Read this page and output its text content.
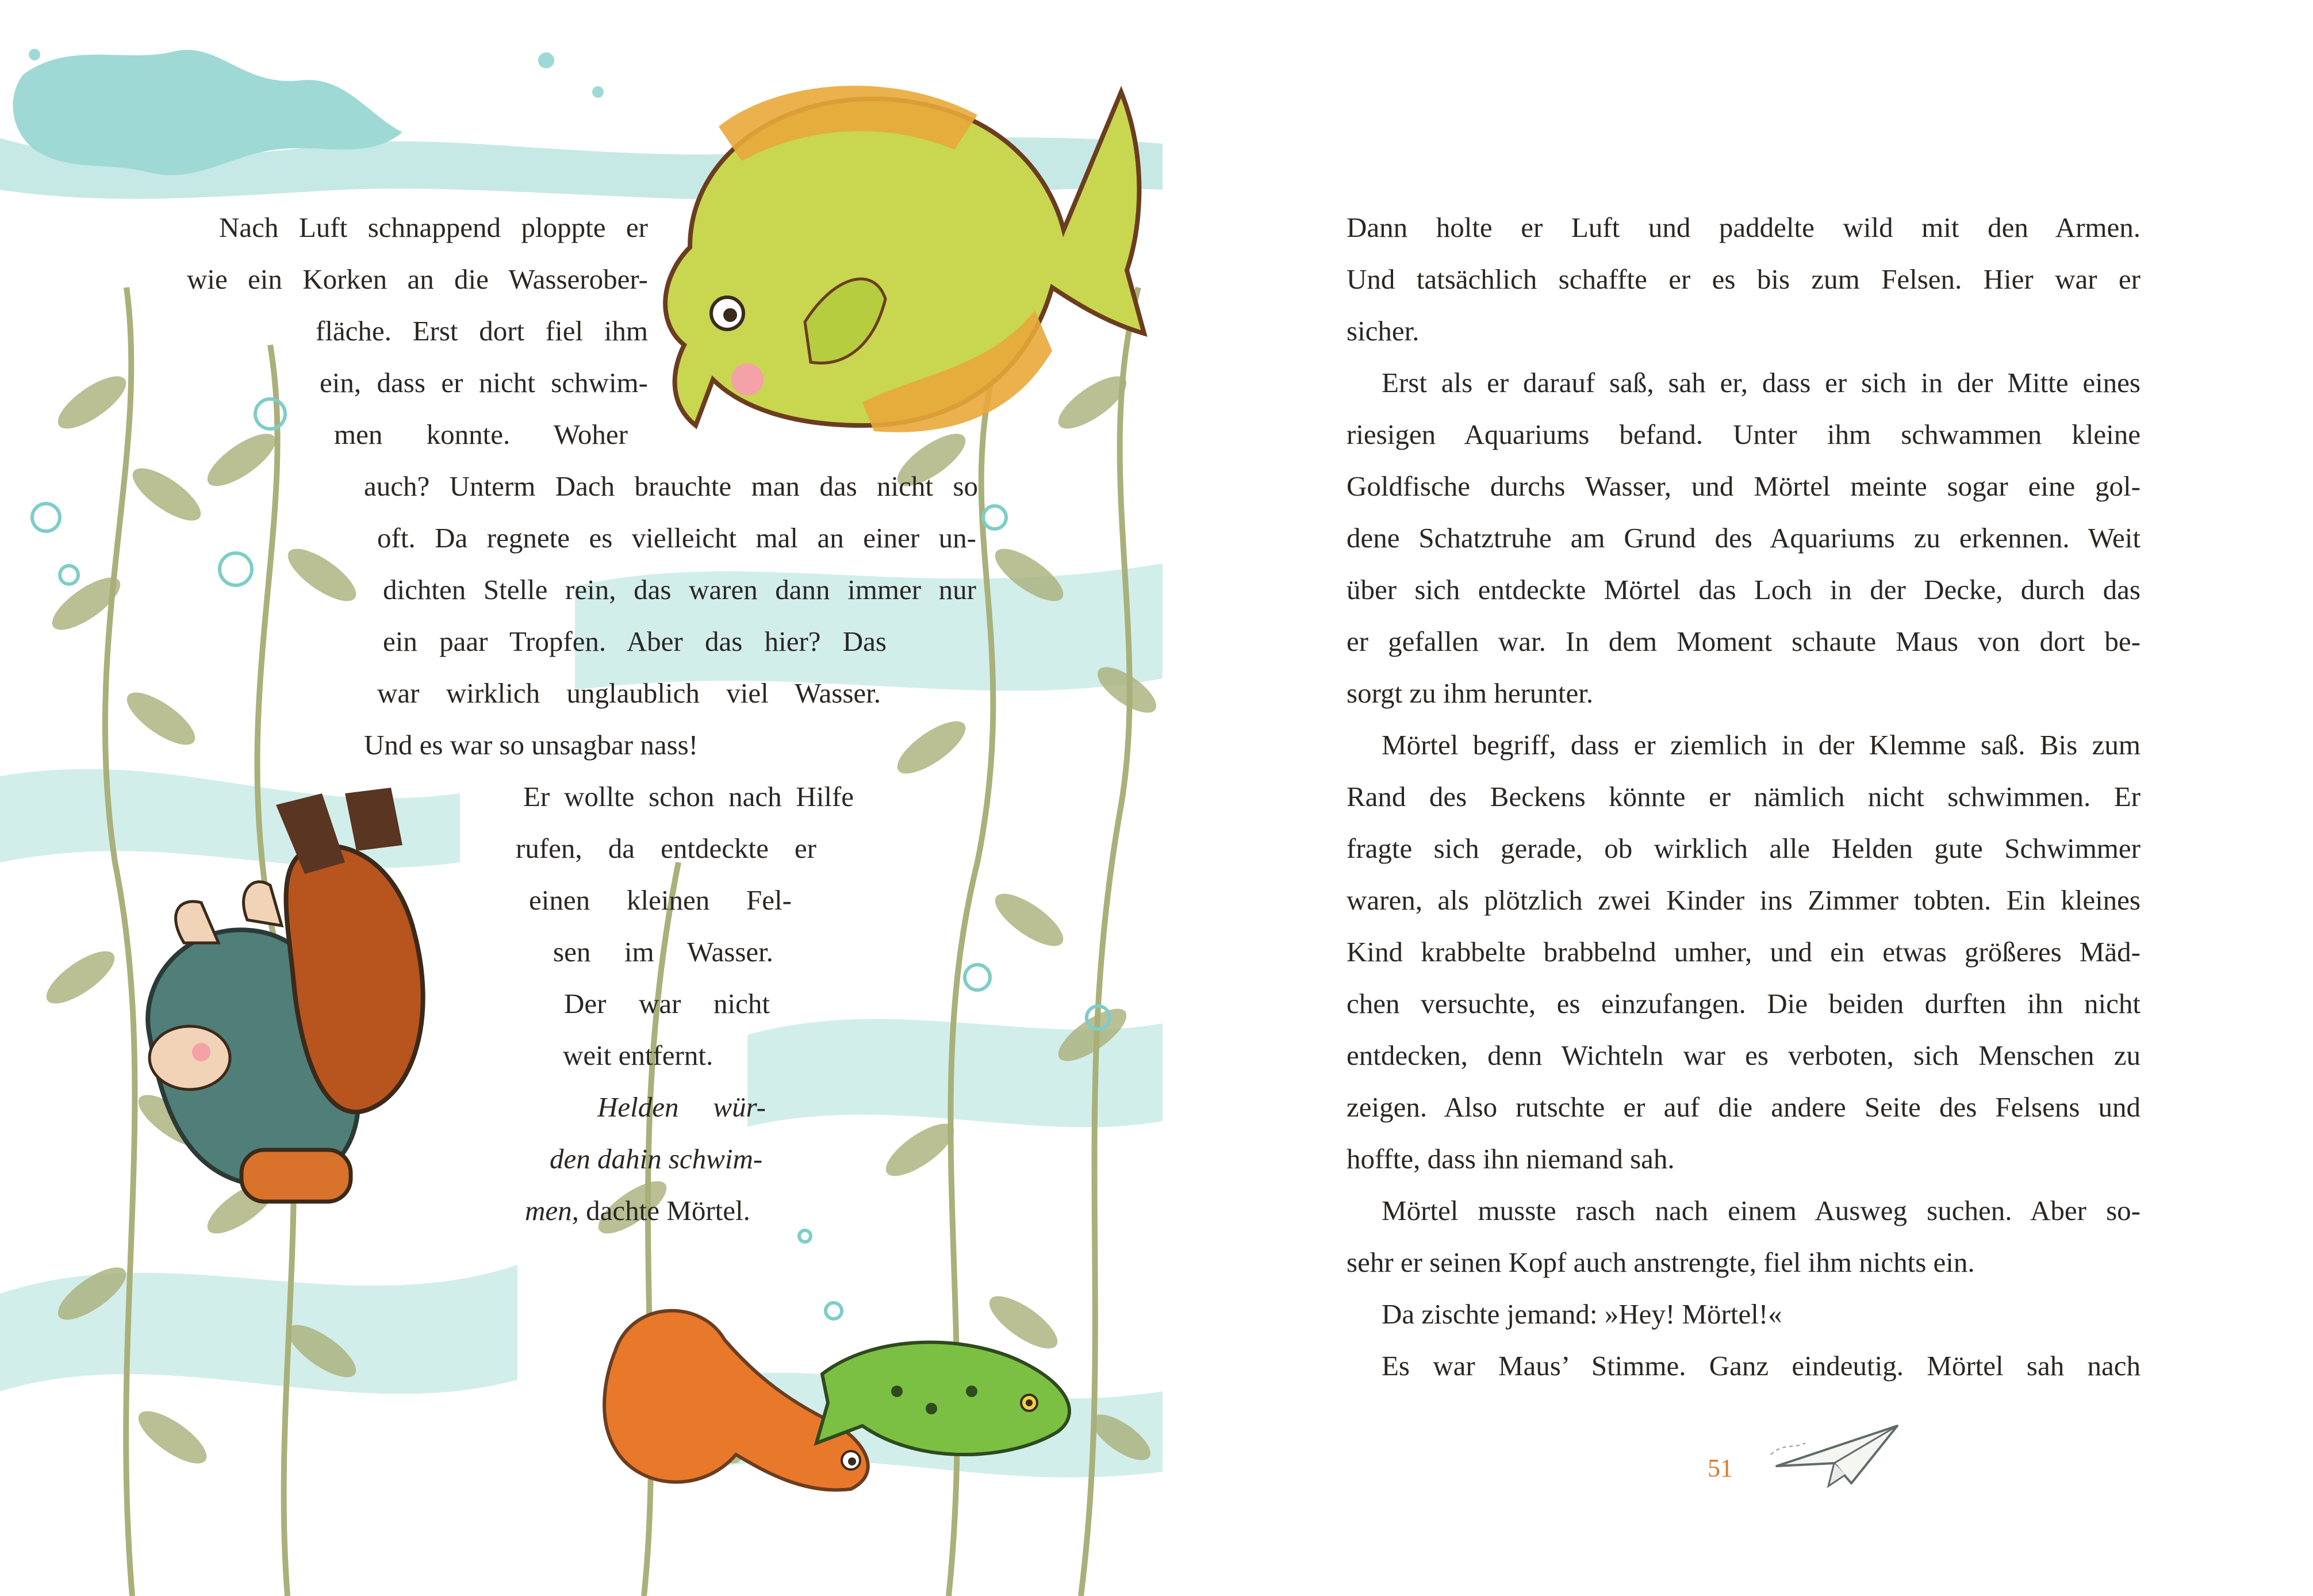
Nach Luft schnappend ploppte er
wie ein Korken an die Wasserober-
fläche. Erst dort fiel ihm
ein, dass er nicht schwim-
men konnte. Woher
auch? Unterm Dach brauchte man das nicht so
oft. Da regnete es vielleicht mal an einer un-
dichten Stelle rein, das waren dann immer nur
ein paar Tropfen. Aber das hier? Das
war wirklich unglaublich viel Wasser.
Und es war so unsagbar nass!
Er wollte schon nach Hilfe
rufen, da entdeckte er
einen kleinen Fel-
sen im Wasser.
Der war nicht
weit entfernt.
Helden wür-
den dahin schwim-
men, dachte Mörtel.
Dann holte er Luft und paddelte wild mit den Armen.
Und tatsächlich schaffte er es bis zum Felsen. Hier war er
sicher.
Erst als er darauf saß, sah er, dass er sich in der Mitte eines
riesigen Aquariums befand. Unter ihm schwammen kleine
Goldfische durchs Wasser, und Mörtel meinte sogar eine gol-
dene Schatztruhe am Grund des Aquariums zu erkennen. Weit
über sich entdeckte Mörtel das Loch in der Decke, durch das
er gefallen war. In dem Moment schaute Maus von dort be-
sorgt zu ihm herunter.
Mörtel begriff, dass er ziemlich in der Klemme saß. Bis zum
Rand des Beckens könnte er nämlich nicht schwimmen. Er
fragte sich gerade, ob wirklich alle Helden gute Schwimmer
waren, als plötzlich zwei Kinder ins Zimmer tobten. Ein kleines
Kind krabbelte brabbelnd umher, und ein etwas größeres Mäd-
chen versuchte, es einzufangen. Die beiden durften ihn nicht
entdecken, denn Wichteln war es verboten, sich Menschen zu
zeigen. Also rutschte er auf die andere Seite des Felsens und
hoffte, dass ihn niemand sah.
Mörtel musste rasch nach einem Ausweg suchen. Aber so-
sehr er seinen Kopf auch anstrengte, fiel ihm nichts ein.
Da zischte jemand: »Hey! Mörtel!«
Es war Maus’ Stimme. Ganz eindeutig. Mörtel sah nach
51
